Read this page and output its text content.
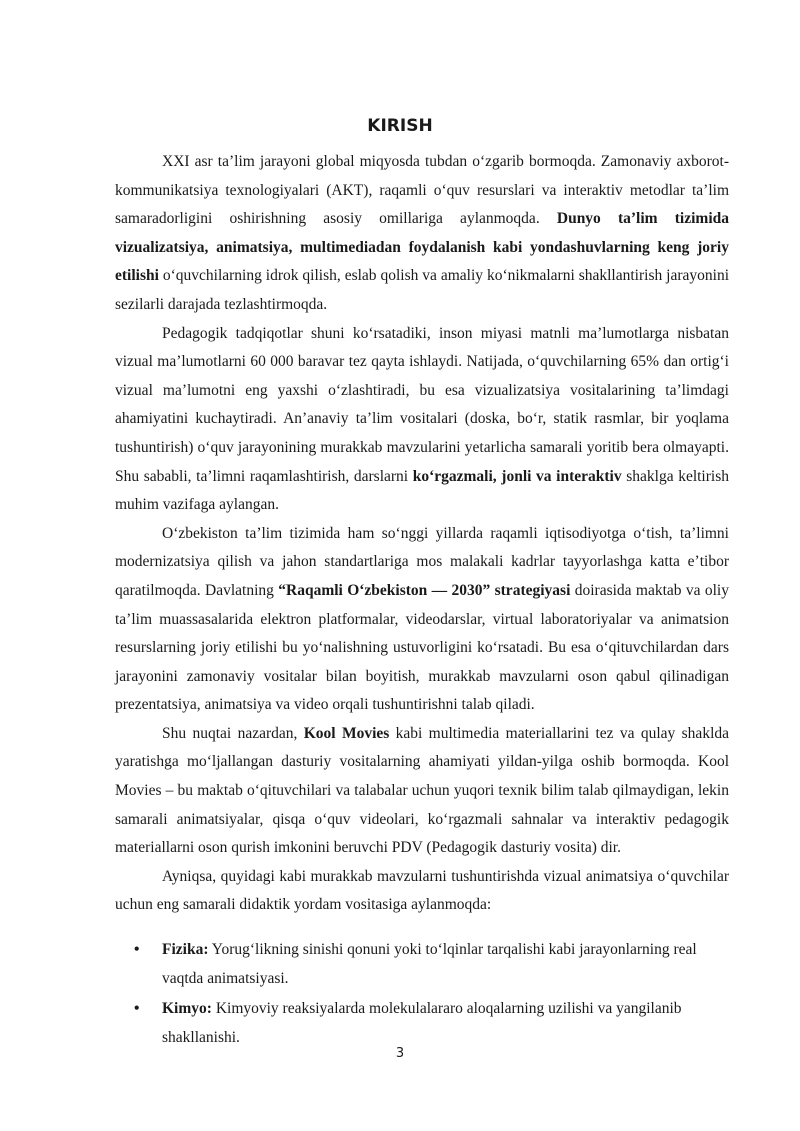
KIRISH

XXI asr taʼlim jarayoni global miqyosda tubdan oʻzgarib bormoqda. Zamonaviy axborot-kommunikatsiya texnologiyalari (AKT), raqamli oʻquv resurslari va interaktiv metodlar taʼlim samaradorligini oshirishning asosiy omillariga aylanmoqda. Dunyo taʼlim tizimida vizualizatsiya, animatsiya, multimediadan foydalanish kabi yondashuvlarning keng joriy etilishi oʻquvchilarning idrok qilish, eslab qolish va amaliy koʻnikmalarni shakllantirish jarayonini sezilarli darajada tezlashtirmoqda.

Pedagogik tadqiqotlar shuni koʻrsatadiki, inson miyasi matnli maʼlumotlarga nisbatan vizual maʼlumotlarni 60 000 baravar tez qayta ishlaydi. Natijada, oʻquvchilarning 65% dan ortigʻi vizual maʼlumotni eng yaxshi oʻzlashtiradi, bu esa vizualizatsiya vositalarining taʼlimdagi ahamiyatini kuchaytiradi. Anʼanaviy taʼlim vositalari (doska, boʻr, statik rasmlar, bir yoqlama tushuntirish) oʻquv jarayonining murakkab mavzularini yetarlicha samarali yoritib bera olmayapti. Shu sababli, taʼlimni raqamlashtirish, darslarni koʻrgazmali, jonli va interaktiv shaklga keltirish muhim vazifaga aylangan.

Oʻzbekiston taʼlim tizimida ham soʻnggi yillarda raqamli iqtisodiyotga oʻtish, taʼlimni modernizatsiya qilish va jahon standartlariga mos malakali kadrlar tayyorlashga katta eʼtibor qaratilmoqda. Davlatning “Raqamli Oʻzbekiston — 2030” strategiyasi doirasida maktab va oliy taʼlim muassasalarida elektron platformalar, videodarslar, virtual laboratoriyalar va animatsion resurslarning joriy etilishi bu yoʻnalishning ustuvorligini koʻrsatadi. Bu esa oʻqituvchilardan dars jarayonini zamonaviy vositalar bilan boyitish, murakkab mavzularni oson qabul qilinadigan prezentatsiya, animatsiya va video orqali tushuntirishni talab qiladi.

Shu nuqtai nazardan, Kool Movies kabi multimedia materiallarini tez va qulay shaklda yaratishga moʻljallangan dasturiy vositalarning ahamiyati yildan-yilga oshib bormoqda. Kool Movies – bu maktab oʻqituvchilari va talabalar uchun yuqori texnik bilim talab qilmaydigan, lekin samarali animatsiyalar, qisqa oʻquv videolari, koʻrgazmali sahnalar va interaktiv pedagogik materiallarni oson qurish imkonini beruvchi PDV (Pedagogik dasturiy vosita) dir.

Ayniqsa, quyidagi kabi murakkab mavzularni tushuntirishda vizual animatsiya oʻquvchilar uchun eng samarali didaktik yordam vositasiga aylanmoqda:

• Fizika: Yorugʻlikning sinishi qonuni yoki toʻlqinlar tarqalishi kabi jarayonlarning real vaqtda animatsiyasi.
• Kimyo: Kimyoviy reaksiyalarda molekulalararo aloqalarning uzilishi va yangilanib shakllanishi.
3
